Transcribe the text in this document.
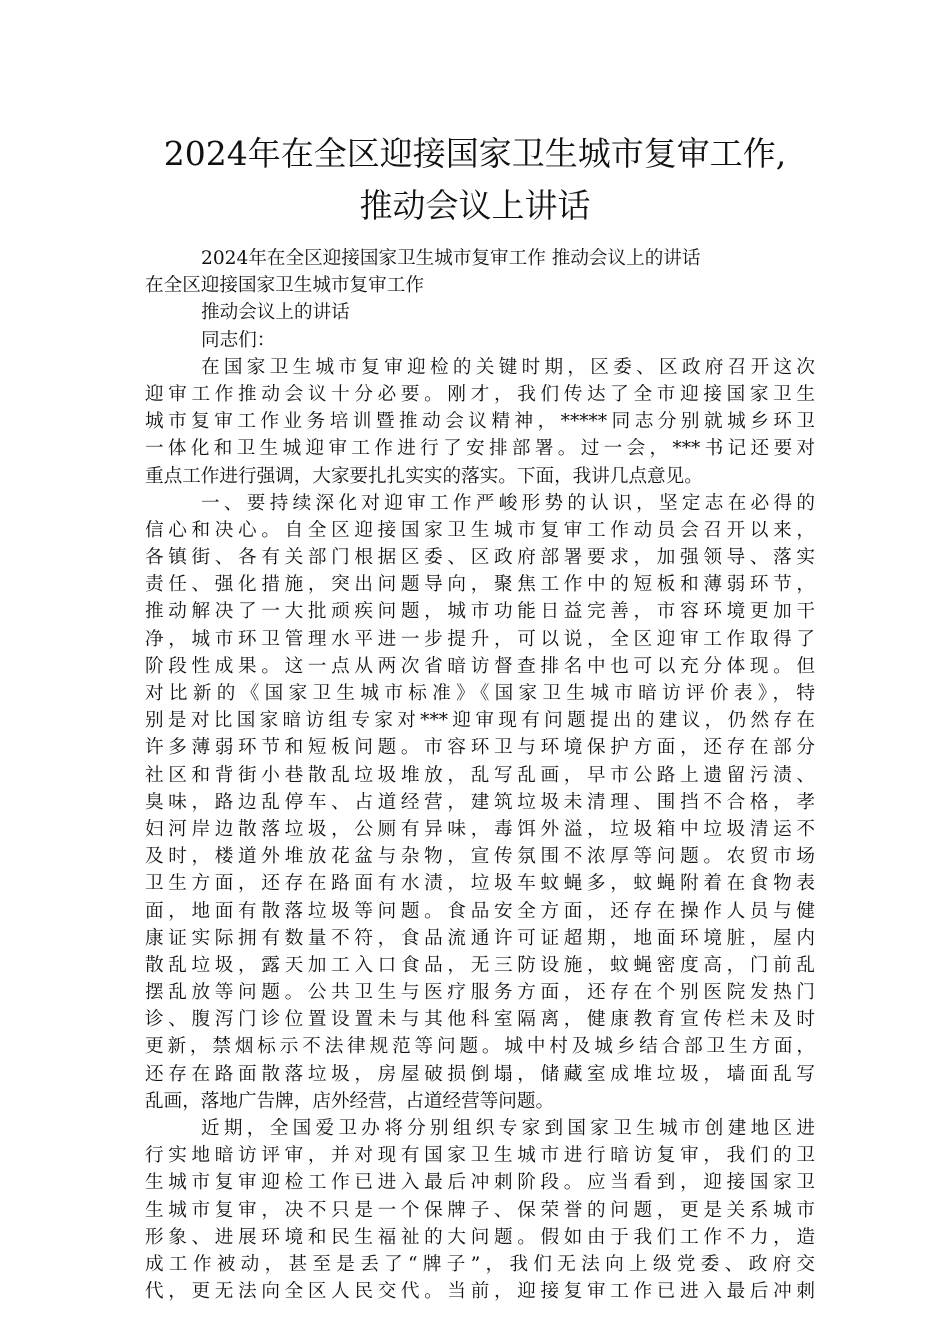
2024年在全区迎接国家卫生城市复审工作,
推动会议上讲话
2024年在全区迎接国家卫生城市复审工作 推动会议上的讲话
在全区迎接国家卫生城市复审工作
推动会议上的讲话
同志们：
在国家卫生城市复审迎检的关键时期，区委、区政府召开这次
迎审工作推动会议十分必要。刚才，我们传达了全市迎接国家卫生
城市复审工作业务培训暨推动会议精神，*****同志分别就城乡环卫
一体化和卫生城迎审工作进行了安排部署。过一会，***书记还要对
重点工作进行强调，大家要扎扎实实的落实。下面，我讲几点意见。
一、要持续深化对迎审工作严峻形势的认识，坚定志在必得的
信心和决心。自全区迎接国家卫生城市复审工作动员会召开以来，
各镇街、各有关部门根据区委、区政府部署要求，加强领导、落实
责任、强化措施，突出问题导向，聚焦工作中的短板和薄弱环节，
推动解决了一大批顽疾问题，城市功能日益完善，市容环境更加干
净，城市环卫管理水平进一步提升，可以说，全区迎审工作取得了
阶段性成果。这一点从两次省暗访督查排名中也可以充分体现。但
对比新的《国家卫生城市标准》《国家卫生城市暗访评价表》，特
别是对比国家暗访组专家对***迎审现有问题提出的建议，仍然存在
许多薄弱环节和短板问题。市容环卫与环境保护方面，还存在部分
社区和背街小巷散乱垃圾堆放，乱写乱画，早市公路上遗留污渍、
臭味，路边乱停车、占道经营，建筑垃圾未清理、围挡不合格，孝
妇河岸边散落垃圾，公厕有异味，毒饵外溢，垃圾箱中垃圾清运不
及时，楼道外堆放花盆与杂物，宣传氛围不浓厚等问题。农贸市场
卫生方面，还存在路面有水渍，垃圾车蚊蝇多，蚊蝇附着在食物表
面，地面有散落垃圾等问题。食品安全方面，还存在操作人员与健
康证实际拥有数量不符，食品流通许可证超期，地面环境脏，屋内
散乱垃圾，露天加工入口食品，无三防设施，蚊蝇密度高，门前乱
摆乱放等问题。公共卫生与医疗服务方面，还存在个别医院发热门
诊、腹泻门诊位置设置未与其他科室隔离，健康教育宣传栏未及时
更新，禁烟标示不法律规范等问题。城中村及城乡结合部卫生方面，
还存在路面散落垃圾，房屋破损倒塌，储藏室成堆垃圾，墙面乱写
乱画，落地广告牌，店外经营，占道经营等问题。
近期，全国爱卫办将分别组织专家到国家卫生城市创建地区进
行实地暗访评审，并对现有国家卫生城市进行暗访复审，我们的卫
生城市复审迎检工作已进入最后冲刺阶段。应当看到，迎接国家卫
生城市复审，决不只是一个保牌子、保荣誉的问题，更是关系城市
形象、进展环境和民生福祉的大问题。假如由于我们工作不力，造
成工作被动，甚至是丢了“牌子”，我们无法向上级党委、政府交
代，更无法向全区人民交代。当前，迎接复审工作已进入最后冲刺
